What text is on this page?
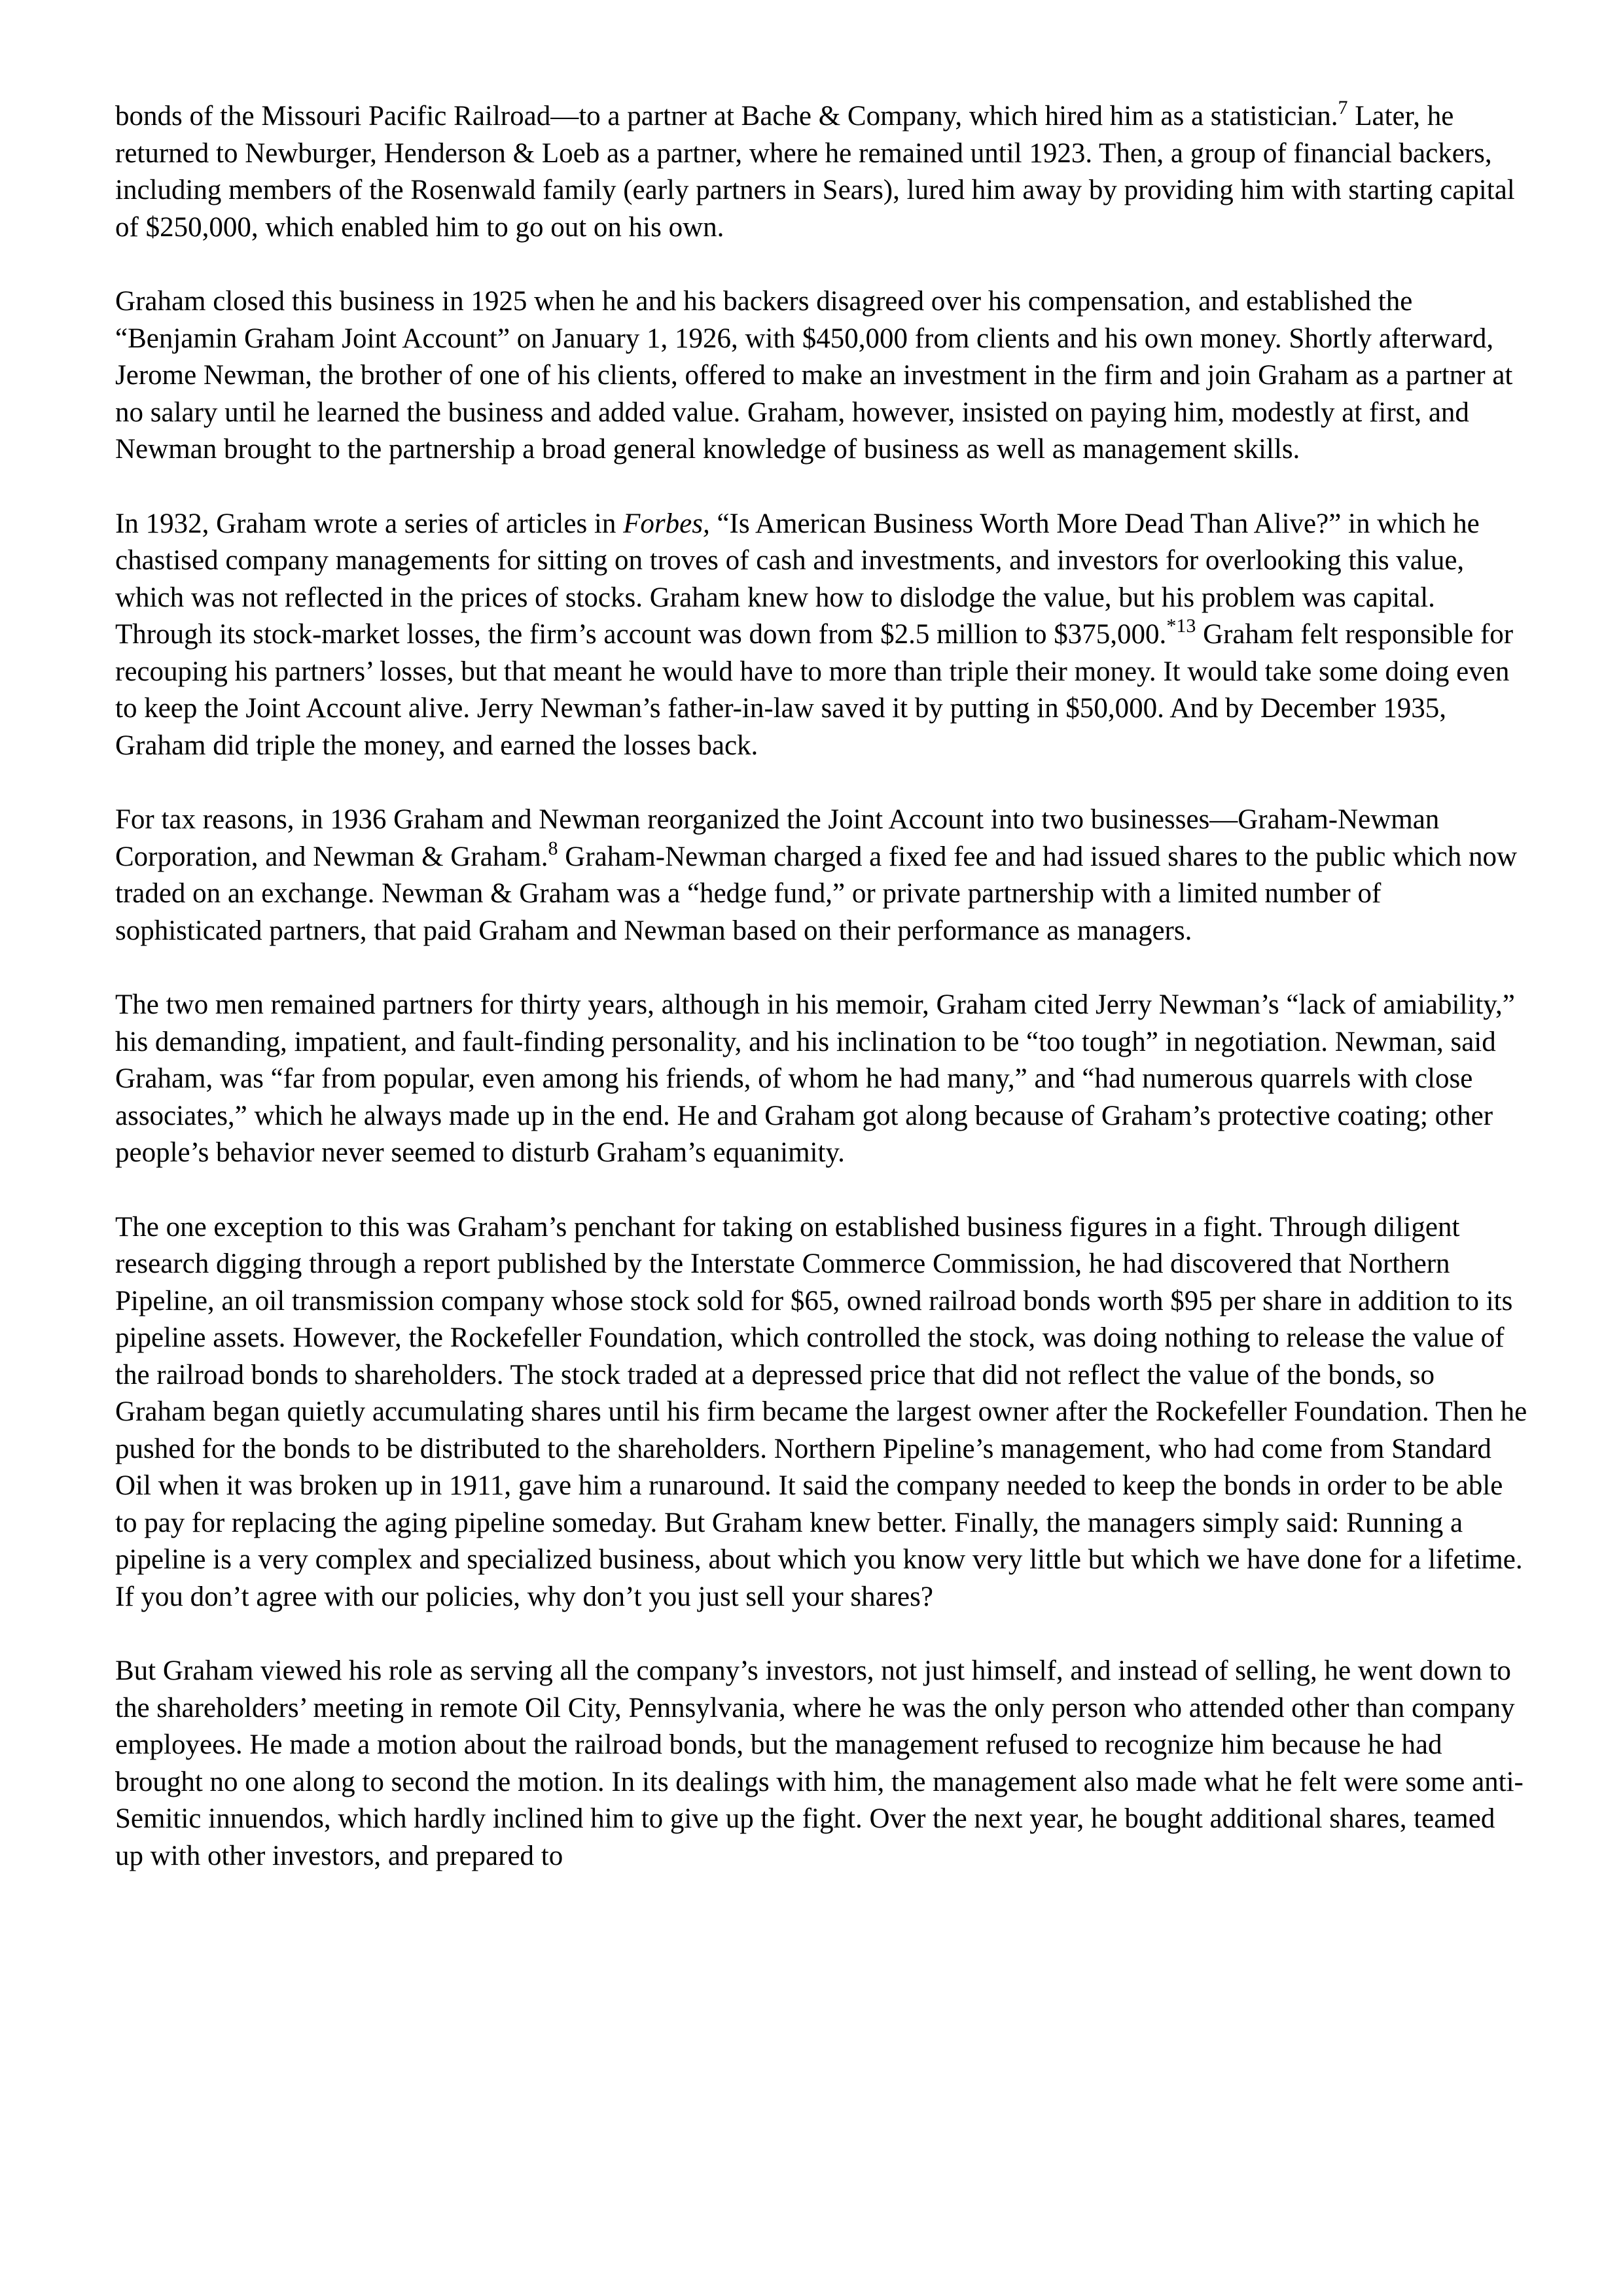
bonds of the Missouri Pacific Railroad—to a partner at Bache & Company, which hired him as a statistician.$^7$ Later, he returned to Newburger, Henderson & Loeb as a partner, where he remained until 1923. Then, a group of financial backers, including members of the Rosenwald family (early partners in Sears), lured him away by providing him with starting capital of $250,000, which enabled him to go out on his own.

Graham closed this business in 1925 when he and his backers disagreed over his compensation, and established the “Benjamin Graham Joint Account” on January 1, 1926, with $450,000 from clients and his own money. Shortly afterward, Jerome Newman, the brother of one of his clients, offered to make an investment in the firm and join Graham as a partner at no salary until he learned the business and added value. Graham, however, insisted on paying him, modestly at first, and Newman brought to the partnership a broad general knowledge of business as well as management skills.

In 1932, Graham wrote a series of articles in Forbes, “Is American Business Worth More Dead Than Alive?” in which he chastised company managements for sitting on troves of cash and investments, and investors for overlooking this value, which was not reflected in the prices of stocks. Graham knew how to dislodge the value, but his problem was capital. Through its stock-market losses, the firm’s account was down from $2.5 million to $375,000.$^{*13}$ Graham felt responsible for recouping his partners’ losses, but that meant he would have to more than triple their money. It would take some doing even to keep the Joint Account alive. Jerry Newman’s father-in-law saved it by putting in $50,000. And by December 1935, Graham did triple the money, and earned the losses back.

For tax reasons, in 1936 Graham and Newman reorganized the Joint Account into two businesses—Graham-Newman Corporation, and Newman & Graham.$^8$ Graham-Newman charged a fixed fee and had issued shares to the public which now traded on an exchange. Newman & Graham was a “hedge fund,” or private partnership with a limited number of sophisticated partners, that paid Graham and Newman based on their performance as managers.

The two men remained partners for thirty years, although in his memoir, Graham cited Jerry Newman’s “lack of amiability,” his demanding, impatient, and fault-finding personality, and his inclination to be “too tough” in negotiation. Newman, said Graham, was “far from popular, even among his friends, of whom he had many,” and “had numerous quarrels with close associates,” which he always made up in the end. He and Graham got along because of Graham’s protective coating; other people’s behavior never seemed to disturb Graham’s equanimity.

The one exception to this was Graham’s penchant for taking on established business figures in a fight. Through diligent research digging through a report published by the Interstate Commerce Commission, he had discovered that Northern Pipeline, an oil transmission company whose stock sold for $65, owned railroad bonds worth $95 per share in addition to its pipeline assets. However, the Rockefeller Foundation, which controlled the stock, was doing nothing to release the value of the railroad bonds to shareholders. The stock traded at a depressed price that did not reflect the value of the bonds, so Graham began quietly accumulating shares until his firm became the largest owner after the Rockefeller Foundation. Then he pushed for the bonds to be distributed to the shareholders. Northern Pipeline’s management, who had come from Standard Oil when it was broken up in 1911, gave him a runaround. It said the company needed to keep the bonds in order to be able to pay for replacing the aging pipeline someday. But Graham knew better. Finally, the managers simply said: Running a pipeline is a very complex and specialized business, about which you know very little but which we have done for a lifetime. If you don’t agree with our policies, why don’t you just sell your shares?

But Graham viewed his role as serving all the company’s investors, not just himself, and instead of selling, he went down to the shareholders’ meeting in remote Oil City, Pennsylvania, where he was the only person who attended other than company employees. He made a motion about the railroad bonds, but the management refused to recognize him because he had brought no one along to second the motion. In its dealings with him, the management also made what he felt were some anti-Semitic innuendos, which hardly inclined him to give up the fight. Over the next year, he bought additional shares, teamed up with other investors, and prepared to
